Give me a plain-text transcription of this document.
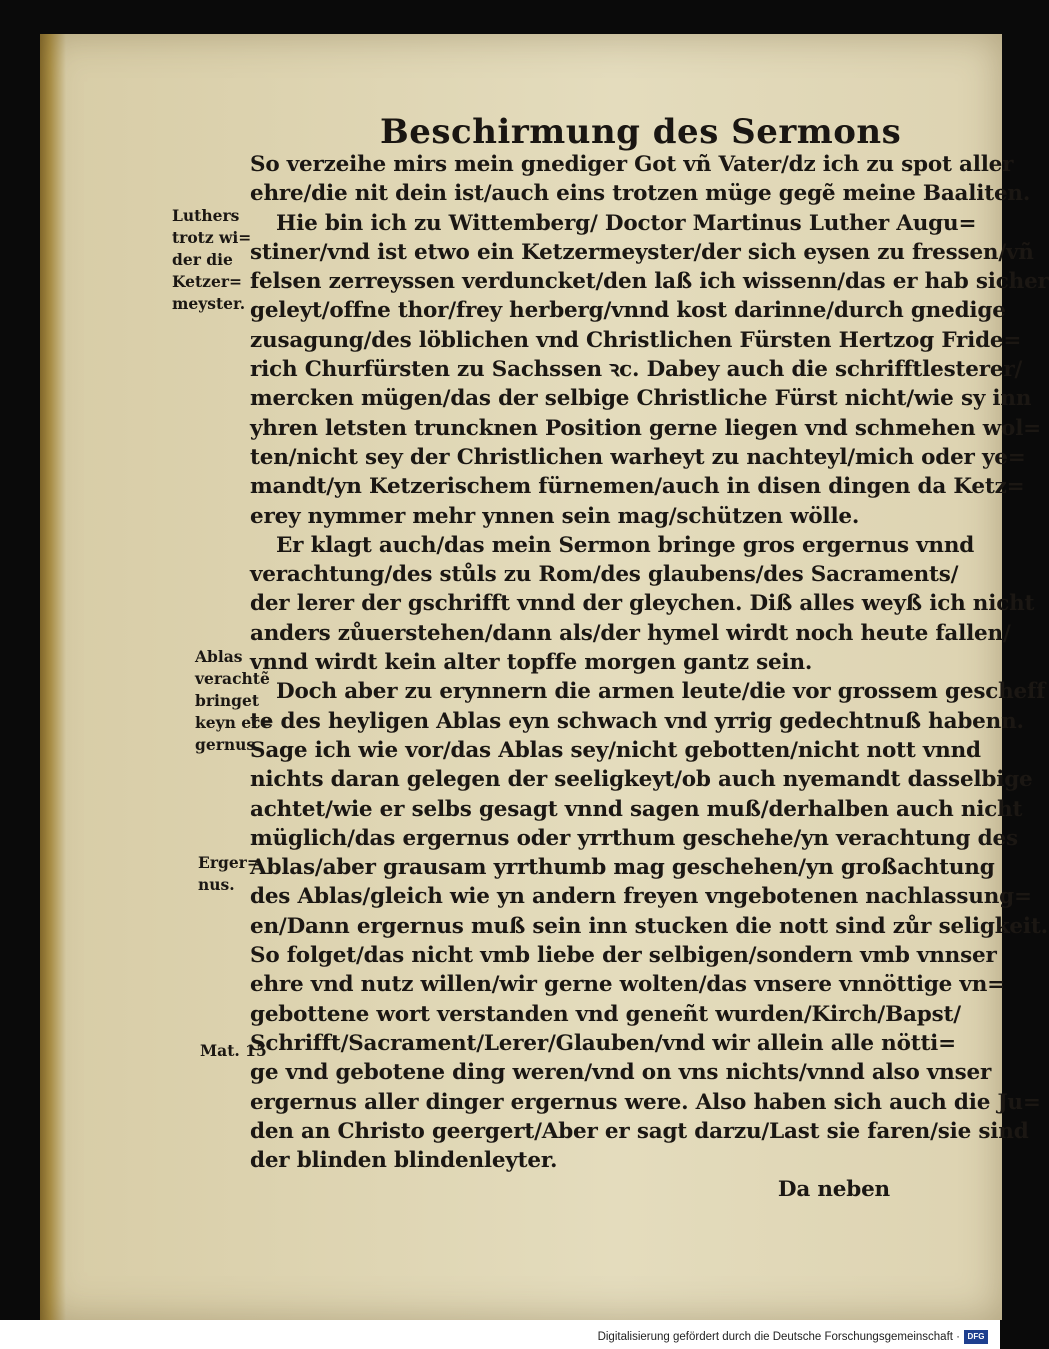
Beschirmung des Sermons
So verzeihe mirs mein gnediger Got vñ Vater/dz ich zu spot aller
ehre/die nit dein ist/auch eins trotzen müge gegẽ meine Baaliten.
Hie bin ich zu Wittemberg/ Doctor Martinus Luther Augu=
stiner/vnd ist etwo ein Ketzermeyster/der sich eysen zu fressen/vñ
felsen zerreyssen verduncket/den laß ich wissenn/das er hab sicher
geleyt/offne thor/frey herberg/vnnd kost darinne/durch gnedige
zusagung/des löblichen vnd Christlichen Fürsten Hertzog Fride=
rich Churfürsten zu Sachssen ꝛc. Dabey auch die schrifftlesterer/
mercken mügen/das der selbige Christliche Fürst nicht/wie sy inn
yhren letsten truncknen Position gerne liegen vnd schmehen wol=
ten/nicht sey der Christlichen warheyt zu nachteyl/mich oder ye=
mandt/yn Ketzerischem fürnemen/auch in disen dingen da Ketz=
erey nymmer mehr ynnen sein mag/schützen wölle.
Er klagt auch/das mein Sermon bringe gros ergernus vnnd
verachtung/des stůls zu Rom/des glaubens/des Sacraments/
der lerer der gschrifft vnnd der gleychen. Diß alles weyß ich nicht
anders zůuerstehen/dann als/der hymel wirdt noch heute fallen/
vnnd wirdt kein alter topffe morgen gantz sein.
Doch aber zu erynnern die armen leute/die vor grossem gescheff
te des heyligen Ablas eyn schwach vnd yrrig gedechtnuß habenn.
Sage ich wie vor/das Ablas sey/nicht gebotten/nicht nott vnnd
nichts daran gelegen der seeligkeyt/ob auch nyemandt dasselbige
achtet/wie er selbs gesagt vnnd sagen muß/derhalben auch nicht
müglich/das ergernus oder yrrthum geschehe/yn verachtung des
Ablas/aber grausam yrrthumb mag geschehen/yn großachtung
des Ablas/gleich wie yn andern freyen vngebotenen nachlassung=
en/Dann ergernus muß sein inn stucken die nott sind zůr seligkeit.
So folget/das nicht vmb liebe der selbigen/sondern vmb vnnser
ehre vnd nutz willen/wir gerne wolten/das vnsere vnnöttige vn=
gebottene wort verstanden vnd geneñt wurden/Kirch/Bapst/
Schrifft/Sacrament/Lerer/Glauben/vnd wir allein alle nötti=
ge vnd gebotene ding weren/vnd on vns nichts/vnnd also vnser
ergernus aller dinger ergernus were. Also haben sich auch die Ju=
den an Christo geergert/Aber er sagt darzu/Last sie faren/sie sind
der blinden blindenleyter.
Da neben
Luthers
trotz wi=
der die
Ketzer=
meyster.
Ablas
verachtẽ
bringet
keyn er=
gernus.
Erger=
nus.
Mat. 15
Digitalisierung gefördert durch die Deutsche Forschungsgemeinschaft · DFG
